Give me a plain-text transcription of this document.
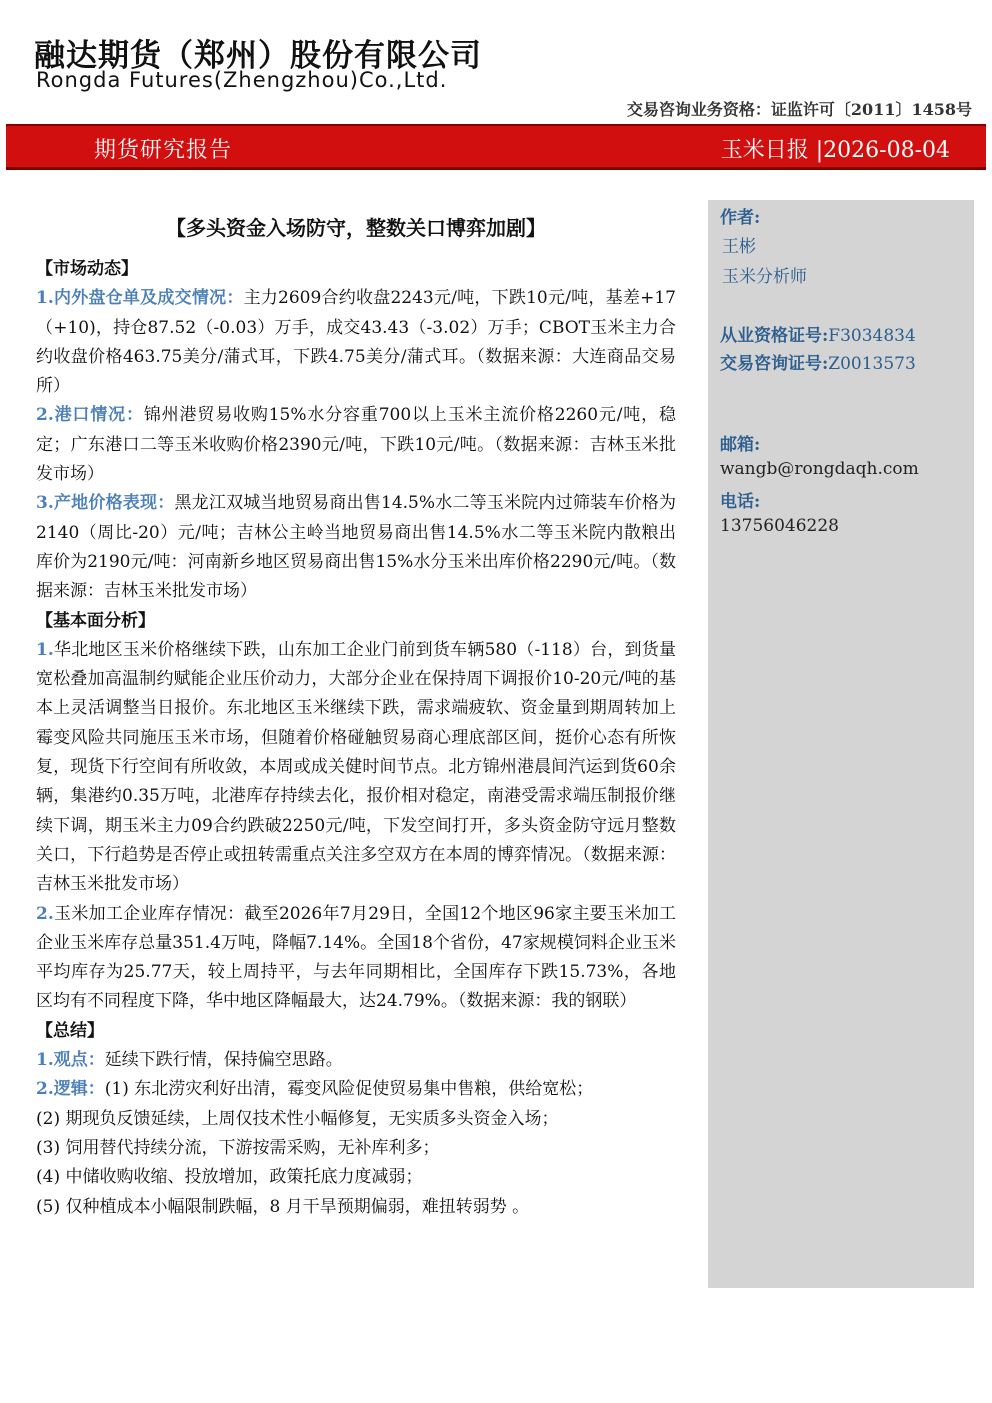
融达期货（郑州）股份有限公司
Rongda Futures(Zhengzhou)Co.,Ltd.
交易咨询业务资格：证监许可〔2011〕1458号
期货研究报告	玉米日报 |2026-08-04
【多头资金入场防守，整数关口博弈加剧】
【市场动态】

1.内外盘仓单及成交情况：主力2609合约收盘2243元/吨，下跌10元/吨，基差+17（+10)，持仓87.52（-0.03）万手，成交43.43（-3.02）万手；CBOT玉米主力合约收盘价格463.75美分/蒲式耳，下跌4.75美分/蒲式耳。（数据来源：大连商品交易所）

2.港口情况：锦州港贸易收购15%水分容重700以上玉米主流价格2260元/吨，稳定；广东港口二等玉米收购价格2390元/吨，下跌10元/吨。（数据来源：吉林玉米批发市场）

3.产地价格表现：黑龙江双城当地贸易商出售14.5%水二等玉米院内过筛装车价格为2140（周比-20）元/吨；吉林公主岭当地贸易商出售14.5%水二等玉米院内散粮出库价为2190元/吨：河南新乡地区贸易商出售15%水分玉米出库价格2290元/吨。（数据来源：吉林玉米批发市场）

【基本面分析】

1.华北地区玉米价格继续下跌，山东加工企业门前到货车辆580（-118）台，到货量宽松叠加高温制约赋能企业压价动力，大部分企业在保持周下调报价10-20元/吨的基本上灵活调整当日报价。东北地区玉米继续下跌，需求端疲软、资金量到期周转加上霉变风险共同施压玉米市场，但随着价格碰触贸易商心理底部区间，挺价心态有所恢复，现货下行空间有所收敛，本周或成关健时间节点。北方锦州港晨间汽运到货60余辆，集港约0.35万吨，北港库存持续去化，报价相对稳定，南港受需求端压制报价继续下调，期玉米主力09合约跌破2250元/吨，下发空间打开，多头资金防守远月整数关口，下行趋势是否停止或扭转需重点关注多空双方在本周的博弈情况。（数据来源：吉林玉米批发市场）

2.玉米加工企业库存情况：截至2026年7月29日，全国12个地区96家主要玉米加工企业玉米库存总量351.4万吨，降幅7.14%。全国18个省份，47家规模饲料企业玉米平均库存为25.77天，较上周持平，与去年同期相比，全国库存下跌15.73%，各地区均有不同程度下降，华中地区降幅最大，达24.79%。（数据来源：我的钢联）

【总结】

1.观点：延续下跌行情，保持偏空思路。

2.逻辑：(1) 东北涝灾利好出清，霉变风险促使贸易集中售粮，供给宽松；

(2) 期现负反馈延续，上周仅技术性小幅修复，无实质多头资金入场；

(3) 饲用替代持续分流，下游按需采购，无补库利多；

(4) 中储收购收缩、投放增加，政策托底力度减弱；

(5) 仅种植成本小幅限制跌幅，8 月干旱预期偏弱，难扭转弱势 。

作者:
王彬
玉米分析师
从业资格证号:F3034834
交易咨询证号:Z0013573
邮箱:
wangb@rongdaqh.com
电话:
13756046228
